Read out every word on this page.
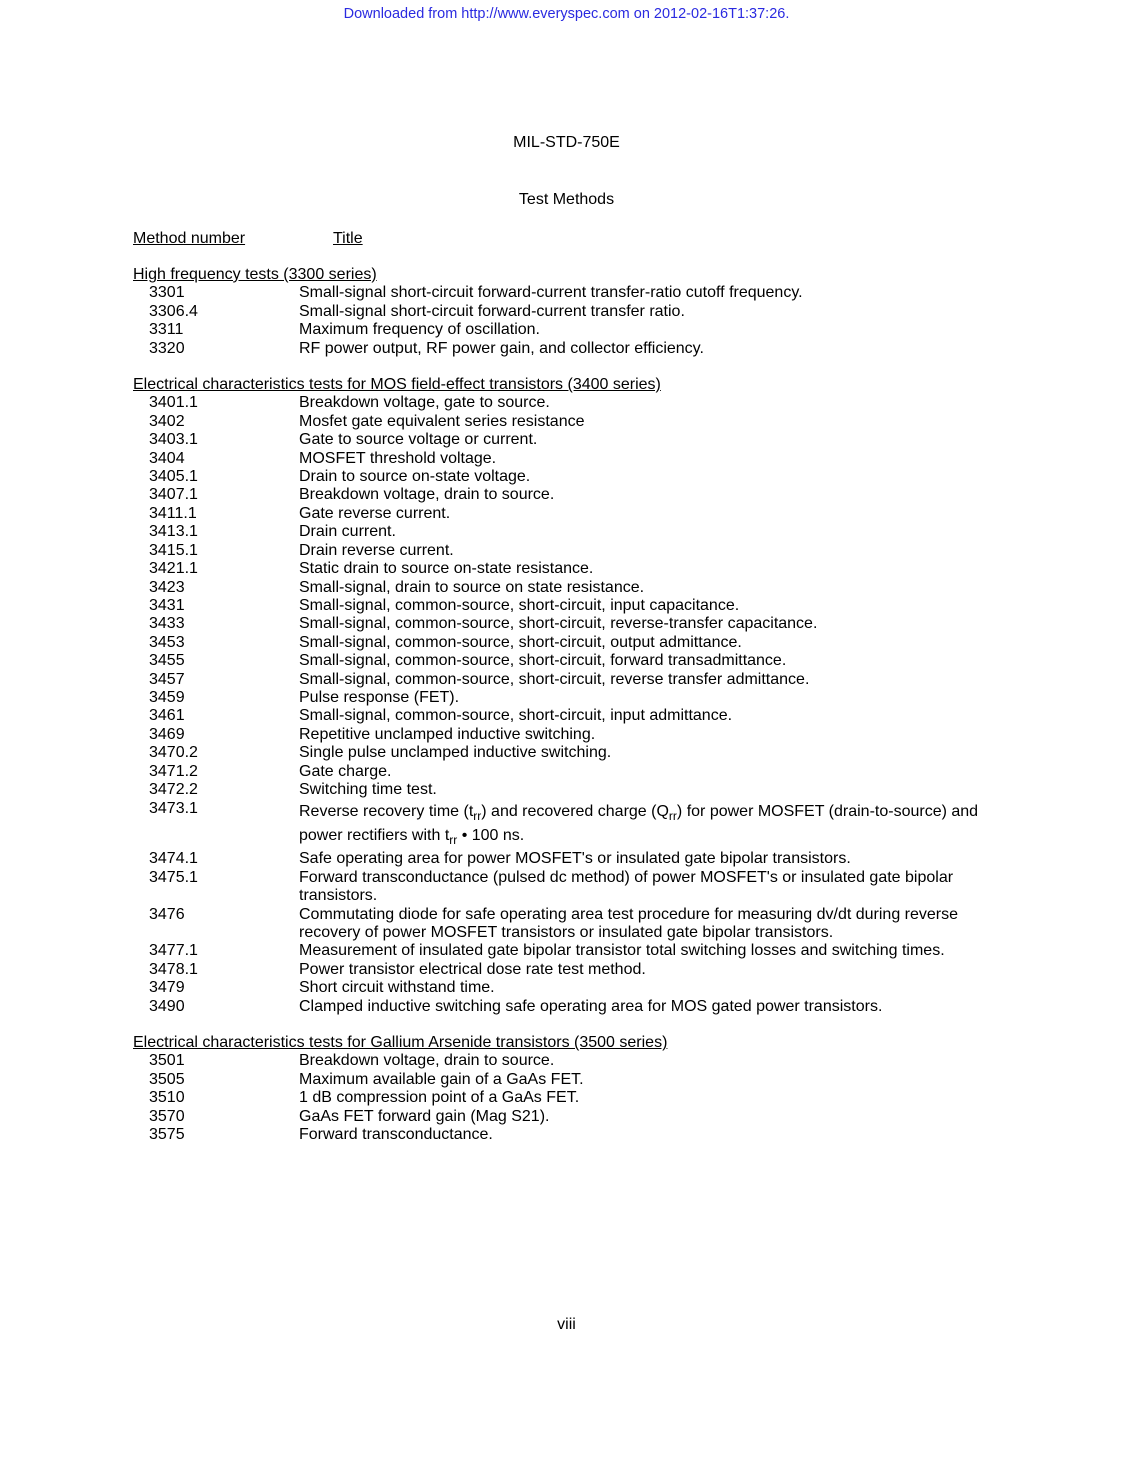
Downloaded from http://www.everyspec.com on 2012-02-16T1:37:26.
MIL-STD-750E
Test Methods
Method number	Title
High frequency tests (3300 series)
3301	Small-signal short-circuit forward-current transfer-ratio cutoff frequency.
3306.4	Small-signal short-circuit forward-current transfer ratio.
3311	Maximum frequency of oscillation.
3320	RF power output, RF power gain, and collector efficiency.
Electrical characteristics tests for MOS field-effect transistors (3400 series)
3401.1	Breakdown voltage, gate to source.
3402	Mosfet gate equivalent series resistance
3403.1	Gate to source voltage or current.
3404	MOSFET threshold voltage.
3405.1	Drain to source on-state voltage.
3407.1	Breakdown voltage, drain to source.
3411.1	Gate reverse current.
3413.1	Drain current.
3415.1	Drain reverse current.
3421.1	Static drain to source on-state resistance.
3423	Small-signal, drain to source on state resistance.
3431	Small-signal, common-source, short-circuit, input capacitance.
3433	Small-signal, common-source, short-circuit, reverse-transfer capacitance.
3453	Small-signal, common-source, short-circuit, output admittance.
3455	Small-signal, common-source, short-circuit, forward transadmittance.
3457	Small-signal, common-source, short-circuit, reverse transfer admittance.
3459	Pulse response (FET).
3461	Small-signal, common-source, short-circuit, input admittance.
3469	Repetitive unclamped inductive switching.
3470.2	Single pulse unclamped inductive switching.
3471.2	Gate charge.
3472.2	Switching time test.
3473.1	Reverse recovery time $(t_{rr})$ and recovered charge $(Q_{rr})$ for power MOSFET (drain-to-source) and power rectifiers with $t_{rr}$ • 100 ns.
3474.1	Safe operating area for power MOSFET's or insulated gate bipolar transistors.
3475.1	Forward transconductance (pulsed dc method) of power MOSFET's or insulated gate bipolar transistors.
3476	Commutating diode for safe operating area test procedure for measuring dv/dt during reverse recovery of power MOSFET transistors or insulated gate bipolar transistors.
3477.1	Measurement of insulated gate bipolar transistor total switching losses and switching times.
3478.1	Power transistor electrical dose rate test method.
3479	Short circuit withstand time.
3490	Clamped inductive switching safe operating area for MOS gated power transistors.
Electrical characteristics tests for Gallium Arsenide transistors (3500 series)
3501	Breakdown voltage, drain to source.
3505	Maximum available gain of a GaAs FET.
3510	1 dB compression point of a GaAs FET.
3570	GaAs FET forward gain (Mag S21).
3575	Forward transconductance.
viii
